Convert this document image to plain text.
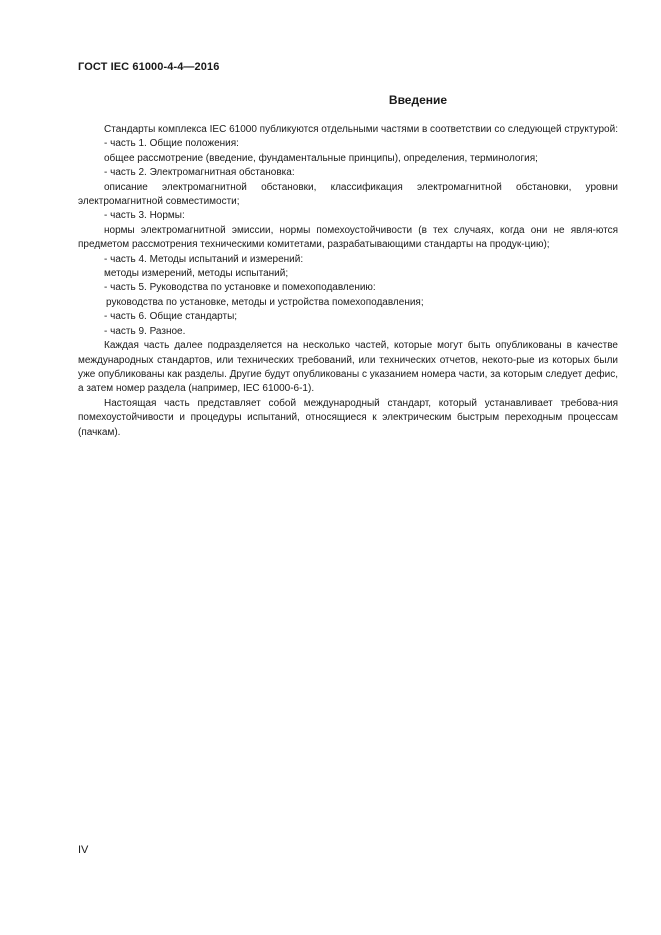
ГОСТ IEC 61000-4-4—2016
Введение

Стандарты комплекса IEC 61000 публикуются отдельными частями в соответствии со следующей структурой:

- часть 1. Общие положения:

общее рассмотрение (введение, фундаментальные принципы), определения, терминология;

- часть 2. Электромагнитная обстановка:

описание электромагнитной обстановки, классификация электромагнитной обстановки, уровни электромагнитной совместимости;

- часть 3. Нормы:

нормы электромагнитной эмиссии, нормы помехоустойчивости (в тех случаях, когда они не явля-ются предметом рассмотрения техническими комитетами, разрабатывающими стандарты на продук-цию);

- часть 4. Методы испытаний и измерений:

методы измерений, методы испытаний;

- часть 5. Руководства по установке и помехоподавлению:

руководства по установке, методы и устройства помехоподавления;

- часть 6. Общие стандарты;

- часть 9. Разное.

Каждая часть далее подразделяется на несколько частей, которые могут быть опубликованы в качестве международных стандартов, или технических требований, или технических отчетов, некото-рые из которых были уже опубликованы как разделы. Другие будут опубликованы с указанием номера части, за которым следует дефис, а затем номер раздела (например, IEC 61000-6-1).

Настоящая часть представляет собой международный стандарт, который устанавливает требова-ния помехоустойчивости и процедуры испытаний, относящиеся к электрическим быстрым переходным процессам (пачкам).

IV
